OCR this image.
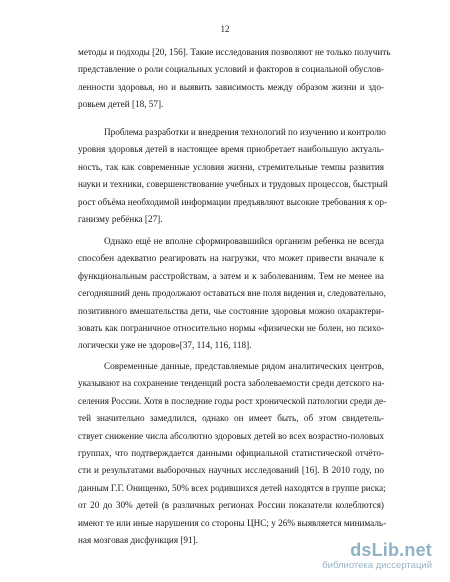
12
методы и подходы [20, 156]. Такие исследования позволяют не только получить
представление о роли социальных условий и факторов в социальной обуслов-
ленности здоровья, но и выявить зависимость между образом жизни и здо-
ровьем детей [18, 57].
Проблема разработки и внедрения технологий по изучению и контролю
уровня здоровья детей в настоящее время приобретает наибольшую актуаль-
ность, так как современные условия жизни, стремительные темпы развития
науки и техники, совершенствование учебных и трудовых процессов, быстрый
рост объёма необходимой информации предъявляют высокие требования к ор-
ганизму ребёнка [27].
Однако ещё не вполне сформировавшийся организм ребенка не всегда
способен адекватно реагировать на нагрузки, что может привести вначале к
функциональным расстройствам, а затем и к заболеваниям. Тем не менее на
сегодняшний день продолжают оставаться вне поля видения и, следовательно,
позитивного вмешательства дети, чье состояние здоровья можно охарактери-
зовать как пограничное относительно нормы «физически не болен, но психо-
логически уже не здоров»[37, 114, 116, 118].
Современные данные, представляемые рядом аналитических центров,
указывают на сохранение тенденций роста заболеваемости среди детского на-
селения России. Хотя в последние годы рост хронической патологии среди де-
тей значительно замедлился, однако он имеет быть, об этом свидетель-
ствует снижение числа абсолютно здоровых детей во всех возрастно-половых
группах, что подтверждается данными официальной статистической отчёто-
сти и результатами выборочных научных исследований [16]. В 2010 году, по
данным Г.Г. Онищенко, 50% всех родившихся детей находятся в группе риска;
от 20 до 30% детей (в различных регионах России показатели колеблются)
имеют те или иные нарушения со стороны ЦНС; у 26% выявляется минималь-
ная мозговая дисфункция [91].	dsLib.net
библиотека диссертаций
